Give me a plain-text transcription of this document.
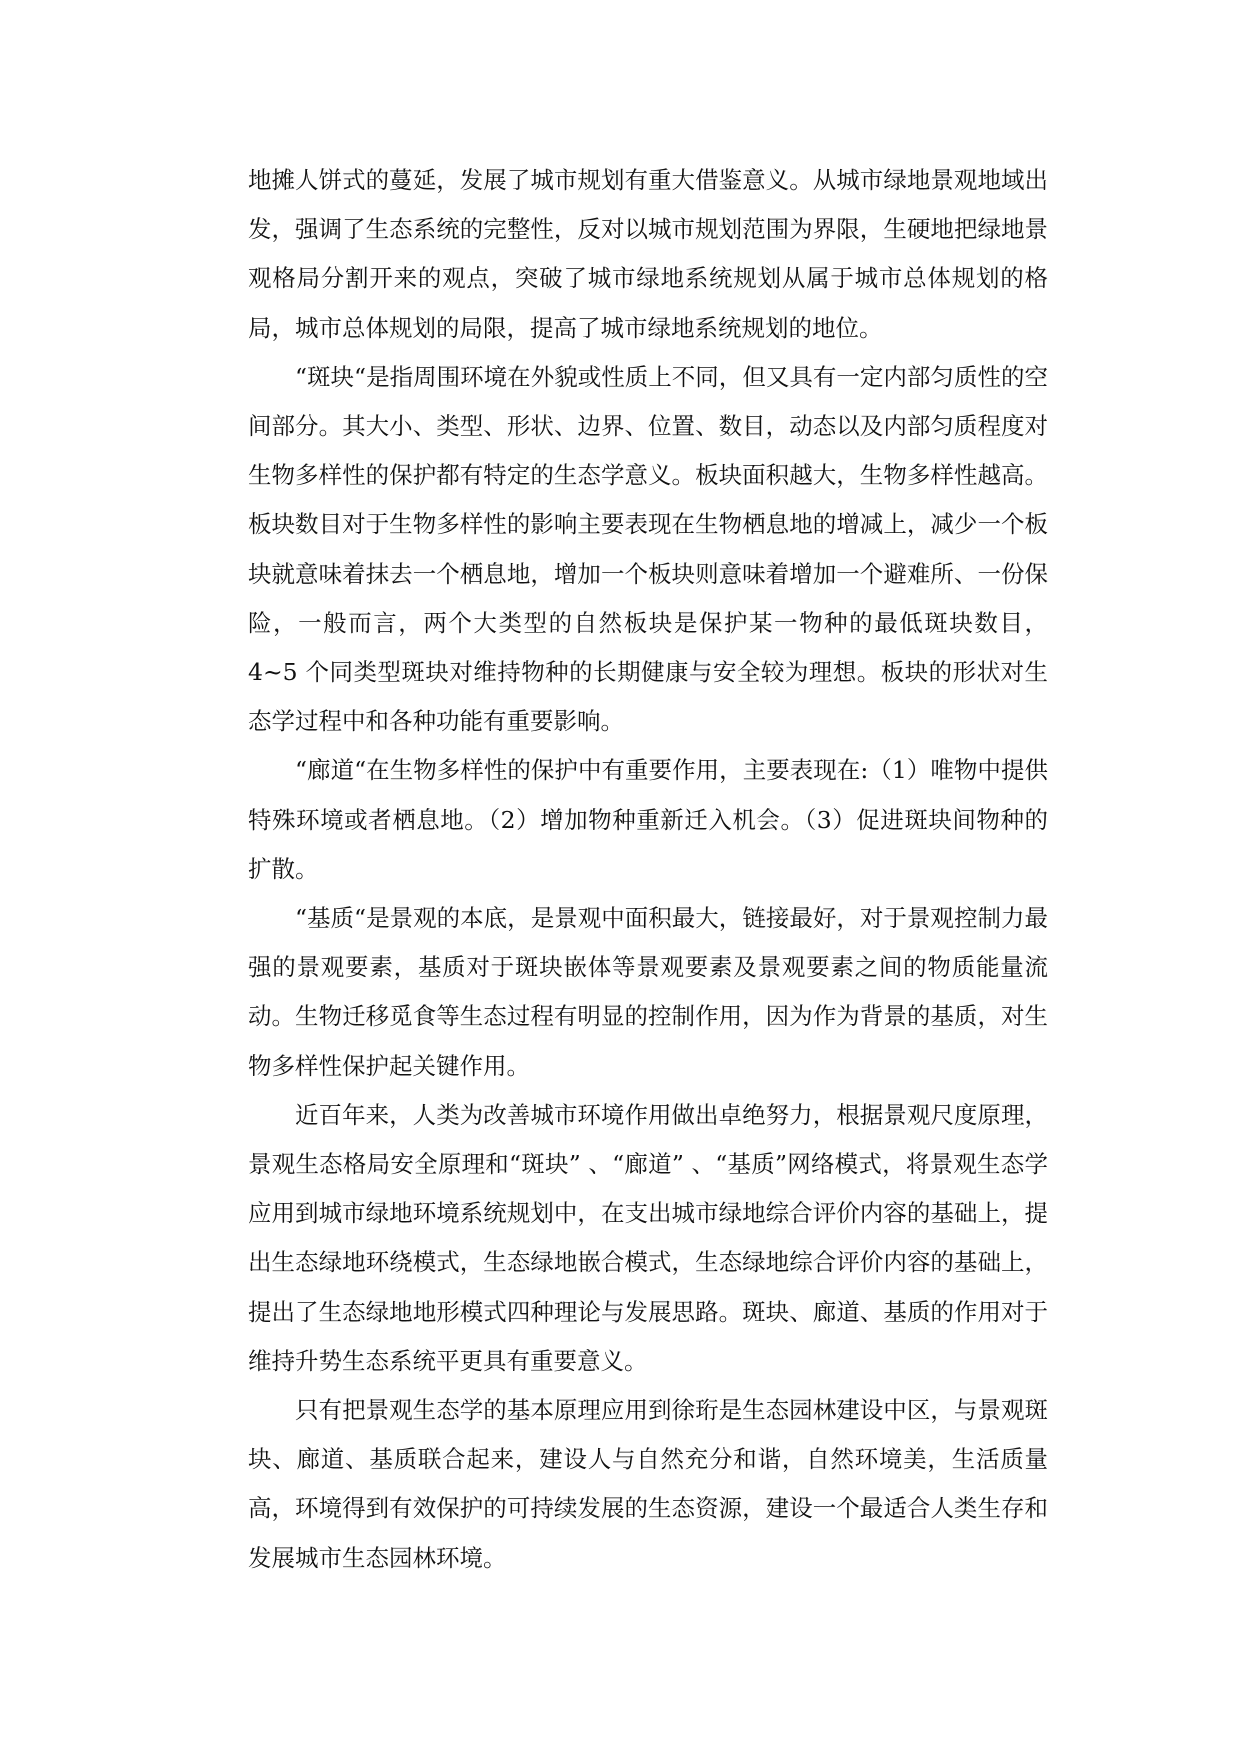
地摊人饼式的蔓延，发展了城市规划有重大借鉴意义。从城市绿地景观地域出发，强调了生态系统的完整性，反对以城市规划范围为界限，生硬地把绿地景观格局分割开来的观点，突破了城市绿地系统规划从属于城市总体规划的格局，城市总体规划的局限，提高了城市绿地系统规划的地位。

“斑块“是指周围环境在外貌或性质上不同，但又具有一定内部匀质性的空间部分。其大小、类型、形状、边界、位置、数目，动态以及内部匀质程度对生物多样性的保护都有特定的生态学意义。板块面积越大，生物多样性越高。板块数目对于生物多样性的影响主要表现在生物栖息地的增减上，减少一个板块就意味着抹去一个栖息地，增加一个板块则意味着增加一个避难所、一份保险，一般而言，两个大类型的自然板块是保护某一物种的最低斑块数目，4~5 个同类型斑块对维持物种的长期健康与安全较为理想。板块的形状对生态学过程中和各种功能有重要影响。

“廊道“在生物多样性的保护中有重要作用，主要表现在:（1）唯物中提供特殊环境或者栖息地。（2）增加物种重新迁入机会。（3）促进斑块间物种的扩散。

“基质“是景观的本底，是景观中面积最大，链接最好，对于景观控制力最强的景观要素，基质对于斑块嵌体等景观要素及景观要素之间的物质能量流动。生物迁移觅食等生态过程有明显的控制作用，因为作为背景的基质，对生物多样性保护起关键作用。

近百年来，人类为改善城市环境作用做出卓绝努力，根据景观尺度原理，景观生态格局安全原理和“斑块” 、“廊道” 、“基质”网络模式，将景观生态学应用到城市绿地环境系统规划中，在支出城市绿地综合评价内容的基础上，提出生态绿地环绕模式，生态绿地嵌合模式，生态绿地综合评价内容的基础上，提出了生态绿地地形模式四种理论与发展思路。斑块、廊道、基质的作用对于维持升势生态系统平更具有重要意义。

只有把景观生态学的基本原理应用到徐珩是生态园林建设中区，与景观斑块、廊道、基质联合起来，建设人与自然充分和谐，自然环境美，生活质量高，环境得到有效保护的可持续发展的生态资源，建设一个最适合人类生存和发展城市生态园林环境。
